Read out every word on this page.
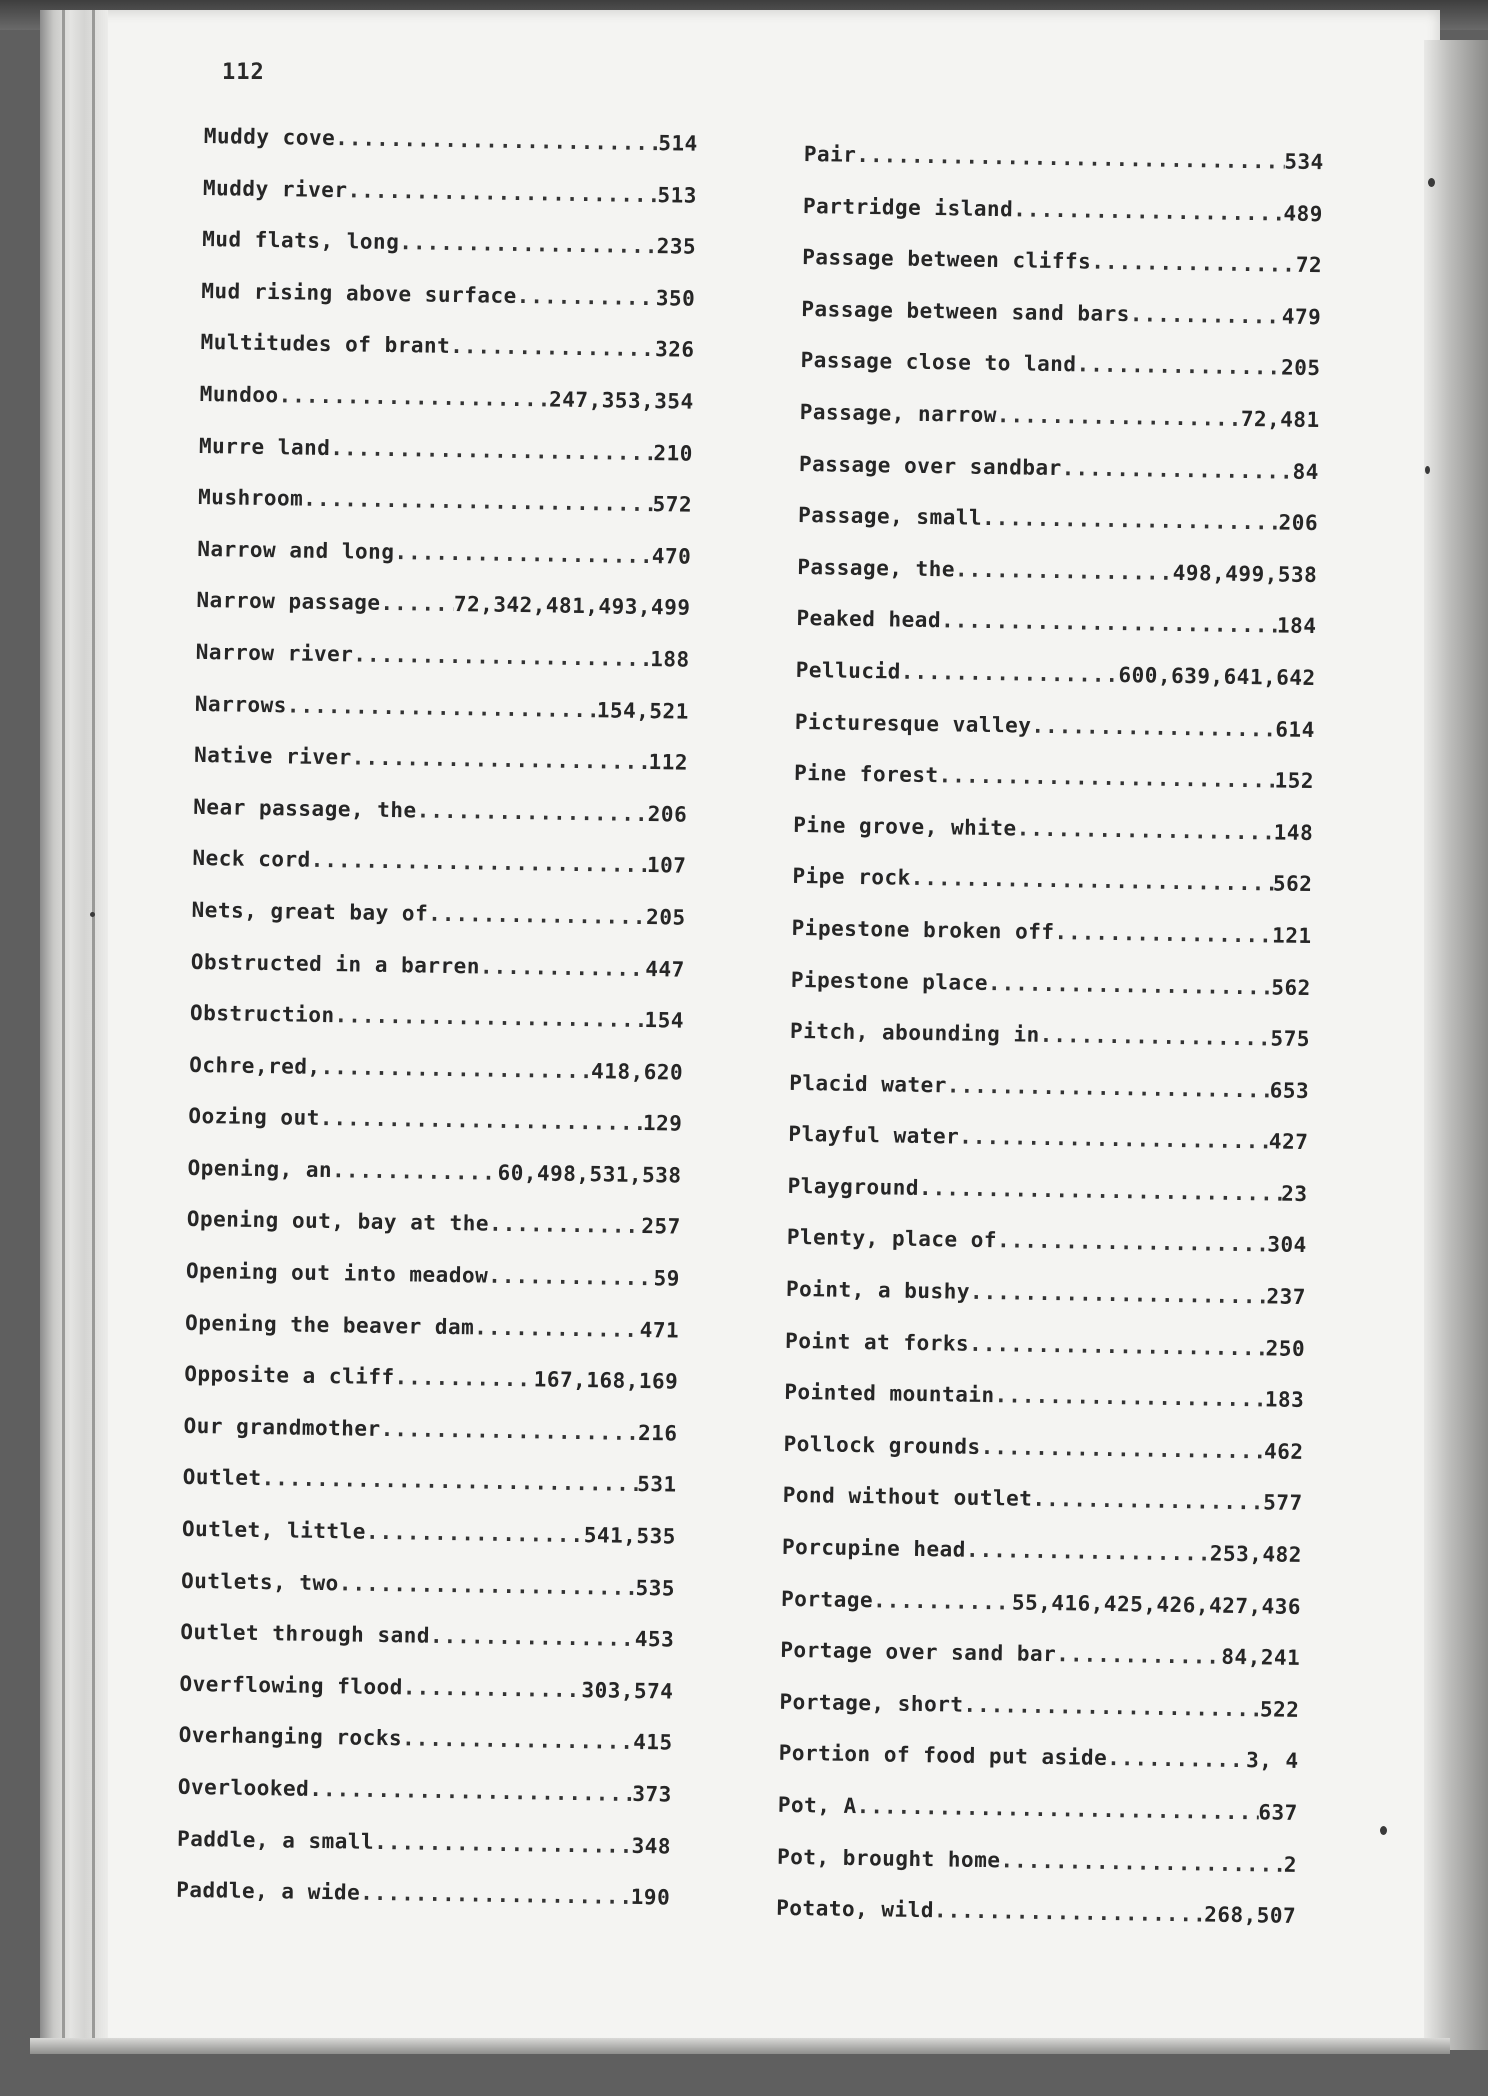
112
Muddy cove .....	514
Muddy river .....	513
Mud flats, long .....	235
Mud rising above surface .....	350
Multitudes of brant .....	326
Mundoo .....	247,353,354
Murre land .....	210
Mushroom .....	572
Narrow and long .....	470
Narrow passage .....	72,342,481,493,499
Narrow river .....	188
Narrows .....	154,521
Native river .....	112
Near passage, the .....	206
Neck cord .....	107
Nets, great bay of .....	205
Obstructed in a barren .....	447
Obstruction .....	154
Ochre,red, .....	418,620
Oozing out .....	129
Opening, an .....	60,498,531,538
Opening out, bay at the .....	257
Opening out into meadow .....	59
Opening the beaver dam .....	471
Opposite a cliff .....	167,168,169
Our grandmother .....	216
Outlet .....	531
Outlet, little .....	541,535
Outlets, two .....	535
Outlet through sand .....	453
Overflowing flood .....	303,574
Overhanging rocks .....	415
Overlooked .....	373
Paddle, a small .....	348
Paddle, a wide .....	190
Pair .....	534
Partridge island .....	489
Passage between cliffs .....	72
Passage between sand bars .....	479
Passage close to land .....	205
Passage, narrow .....	72,481
Passage over sandbar .....	84
Passage, small .....	206
Passage, the .....	498,499,538
Peaked head .....	184
Pellucid .....	600,639,641,642
Picturesque valley .....	614
Pine forest .....	152
Pine grove, white .....	148
Pipe rock .....	562
Pipestone broken off .....	121
Pipestone place .....	562
Pitch, abounding in .....	575
Placid water .....	653
Playful water .....	427
Playground .....	23
Plenty, place of .....	304
Point, a bushy .....	237
Point at forks .....	250
Pointed mountain .....	183
Pollock grounds .....	462
Pond without outlet .....	577
Porcupine head .....	253,482
Portage .....	55,416,425,426,427,436
Portage over sand bar .....	84,241
Portage, short .....	522
Portion of food put aside .....	3, 4
Pot, A .....	637
Pot, brought home .....	2
Potato, wild .....	268,507
